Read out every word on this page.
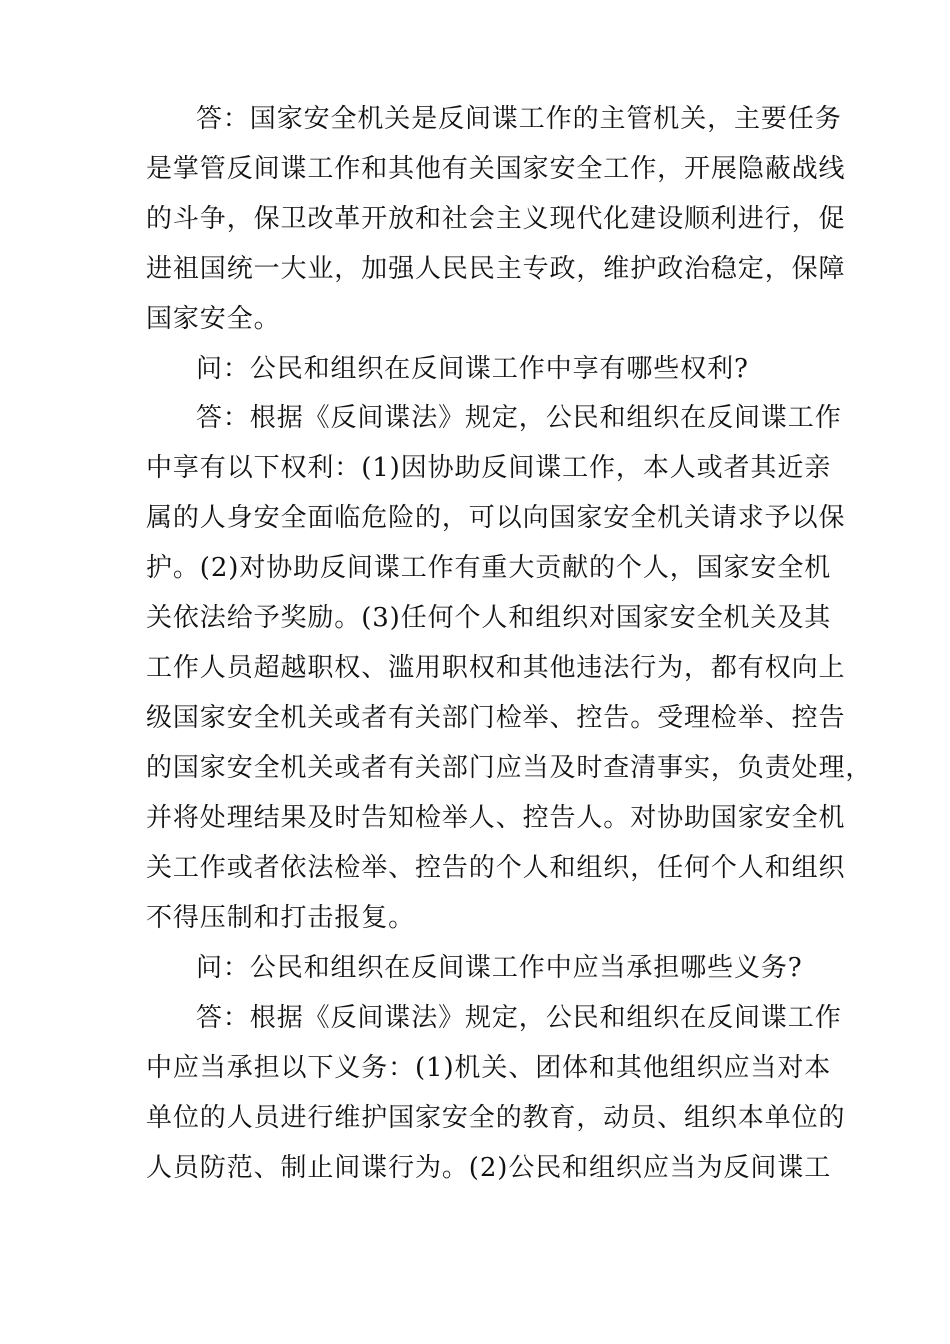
答：国家安全机关是反间谍工作的主管机关，主要任务
是掌管反间谍工作和其他有关国家安全工作，开展隐蔽战线
的斗争，保卫改革开放和社会主义现代化建设顺利进行，促
进祖国统一大业，加强人民民主专政，维护政治稳定，保障
国家安全。
问：公民和组织在反间谍工作中享有哪些权利?
答：根据《反间谍法》规定，公民和组织在反间谍工作
中享有以下权利：(1)因协助反间谍工作，本人或者其近亲
属的人身安全面临危险的，可以向国家安全机关请求予以保
护。(2)对协助反间谍工作有重大贡献的个人，国家安全机
关依法给予奖励。(3)任何个人和组织对国家安全机关及其
工作人员超越职权、滥用职权和其他违法行为，都有权向上
级国家安全机关或者有关部门检举、控告。受理检举、控告
的国家安全机关或者有关部门应当及时查清事实，负责处理，
并将处理结果及时告知检举人、控告人。对协助国家安全机
关工作或者依法检举、控告的个人和组织，任何个人和组织
不得压制和打击报复。
问：公民和组织在反间谍工作中应当承担哪些义务?
答：根据《反间谍法》规定，公民和组织在反间谍工作
中应当承担以下义务：(1)机关、团体和其他组织应当对本
单位的人员进行维护国家安全的教育，动员、组织本单位的
人员防范、制止间谍行为。(2)公民和组织应当为反间谍工
